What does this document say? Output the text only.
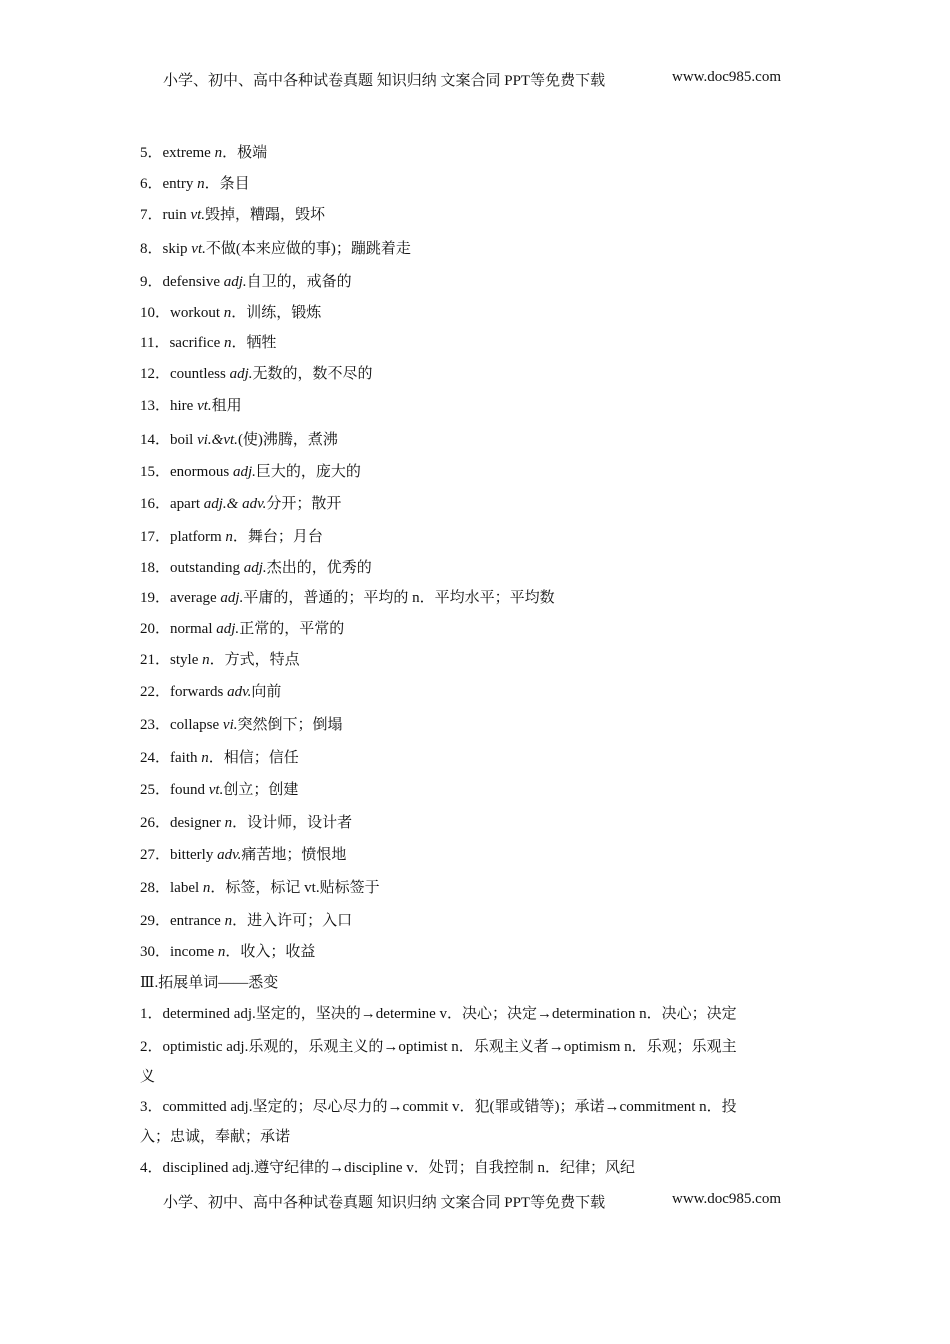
小学、初中、高中各种试卷真题 知识归纳 文案合同 PPT等免费下载	www.doc985.com
5．extreme n．极端
6．entry n．条目
7．ruin vt.毁掉，糟蹋，毁坏
8．skip vt.不做(本来应做的事)；蹦跳着走
9．defensive adj.自卫的，戒备的
10．workout n．训练，锻炼
11．sacrifice n．牺牲
12．countless adj.无数的，数不尽的
13．hire vt.租用
14．boil vi.&vt.(使)沸腾，煮沸
15．enormous adj.巨大的，庞大的
16．apart adj.& adv.分开；散开
17．platform n．舞台；月台
18．outstanding adj.杰出的，优秀的
19．average adj.平庸的，普通的；平均的 n．平均水平；平均数
20．normal adj.正常的，平常的
21．style n．方式，特点
22．forwards adv.向前
23．collapse vi.突然倒下；倒塌
24．faith n．相信；信任
25．found vt.创立；创建
26．designer n．设计师，设计者
27．bitterly adv.痛苦地；愤恨地
28．label n．标签，标记 vt.贴标签于
29．entrance n．进入许可；入口
30．income n．收入；收益
Ⅲ.拓展单词——悉变
1．determined adj.坚定的，坚决的→determine v．决心；决定→determination n．决心；决定
2．optimistic adj.乐观的，乐观主义的→optimist n．乐观主义者→optimism n．乐观；乐观主
义
3．committed adj.坚定的；尽心尽力的→commit v．犯(罪或错等)；承诺→commitment n．投
入；忠诚，奉献；承诺
4．disciplined adj.遵守纪律的→discipline v．处罚；自我控制 n．纪律；风纪
小学、初中、高中各种试卷真题 知识归纳 文案合同 PPT等免费下载	www.doc985.com
